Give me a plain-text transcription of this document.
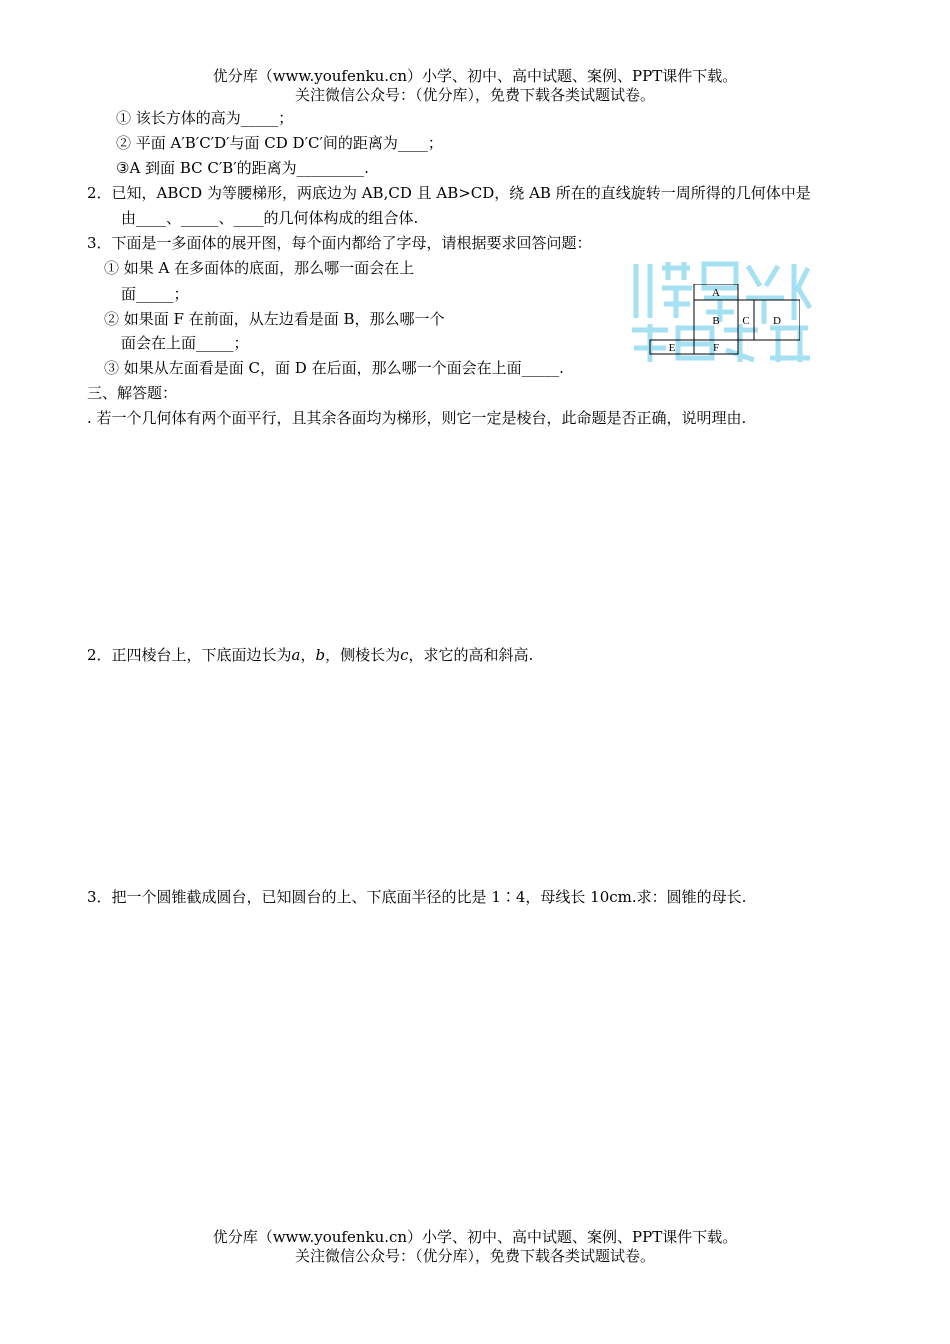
优分库（www.youfenku.cn）小学、初中、高中试题、案例、PPT课件下载。
关注微信公众号：（优分库），免费下载各类试题试卷。
① 该长方体的高为_____；
② 平面 A′B′C′D′与面 CD D′C′间的距离为____；
③A 到面 BC C′B′的距离为_________.
2．已知，ABCD 为等腰梯形，两底边为 AB,CD 且 AB>CD，绕 AB 所在的直线旋转一周所得的几何体中是
由____、_____、____的几何体构成的组合体.
3．下面是一多面体的展开图，每个面内都给了字母，请根据要求回答问题：
① 如果 A 在多面体的底面，那么哪一面会在上
面_____；
② 如果面 F 在前面，从左边看是面 B，那么哪一个
面会在上面_____；
③ 如果从左面看是面 C，面 D 在后面，那么哪一个面会在上面_____.
A
B C D
E	F
三、解答题：
. 若一个几何体有两个面平行，且其余各面均为梯形，则它一定是棱台，此命题是否正确，说明理由.
2．正四棱台上，下底面边长为a，b，侧棱长为c，求它的高和斜高.
3．把一个圆锥截成圆台，已知圆台的上、下底面半径的比是 1∶4，母线长 10cm.求：圆锥的母长.
优分库（www.youfenku.cn）小学、初中、高中试题、案例、PPT课件下载。
关注微信公众号：（优分库），免费下载各类试题试卷。
